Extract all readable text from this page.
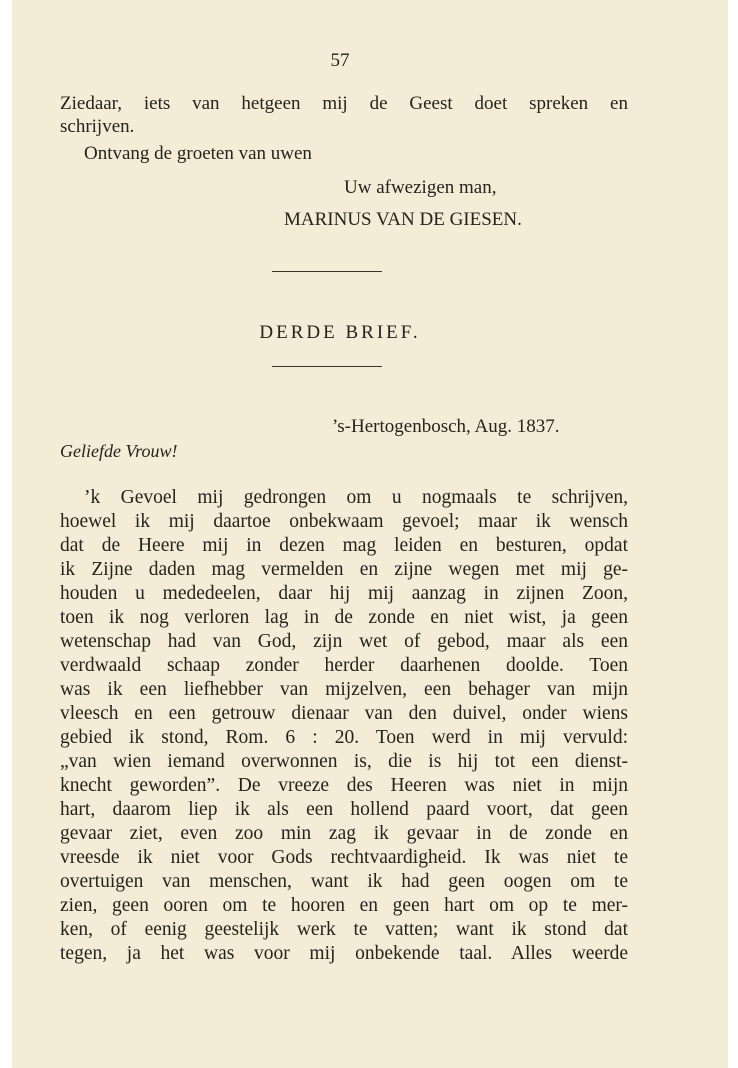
57
Ziedaar, iets van hetgeen mij de Geest doet spreken en
schrijven.
Ontvang de groeten van uwen
Uw afwezigen man,
MARINUS VAN DE GIESEN.
DERDE BRIEF.
’s-Hertogenbosch, Aug. 1837.
Geliefde Vrouw!
’k Gevoel mij gedrongen om u nogmaals te schrijven,
hoewel ik mij daartoe onbekwaam gevoel; maar ik wensch
dat de Heere mij in dezen mag leiden en besturen, opdat
ik Zijne daden mag vermelden en zijne wegen met mij ge-
houden u mededeelen, daar hij mij aanzag in zijnen Zoon,
toen ik nog verloren lag in de zonde en niet wist, ja geen
wetenschap had van God, zijn wet of gebod, maar als een
verdwaald schaap zonder herder daarhenen doolde. Toen
was ik een liefhebber van mijzelven, een behager van mijn
vleesch en een getrouw dienaar van den duivel, onder wiens
gebied ik stond, Rom. 6 : 20. Toen werd in mij vervuld:
„van wien iemand overwonnen is, die is hij tot een dienst-
knecht geworden”. De vreeze des Heeren was niet in mijn
hart, daarom liep ik als een hollend paard voort, dat geen
gevaar ziet, even zoo min zag ik gevaar in de zonde en
vreesde ik niet voor Gods rechtvaardigheid. Ik was niet te
overtuigen van menschen, want ik had geen oogen om te
zien, geen ooren om te hooren en geen hart om op te mer-
ken, of eenig geestelijk werk te vatten; want ik stond dat
tegen, ja het was voor mij onbekende taal. Alles weerde
